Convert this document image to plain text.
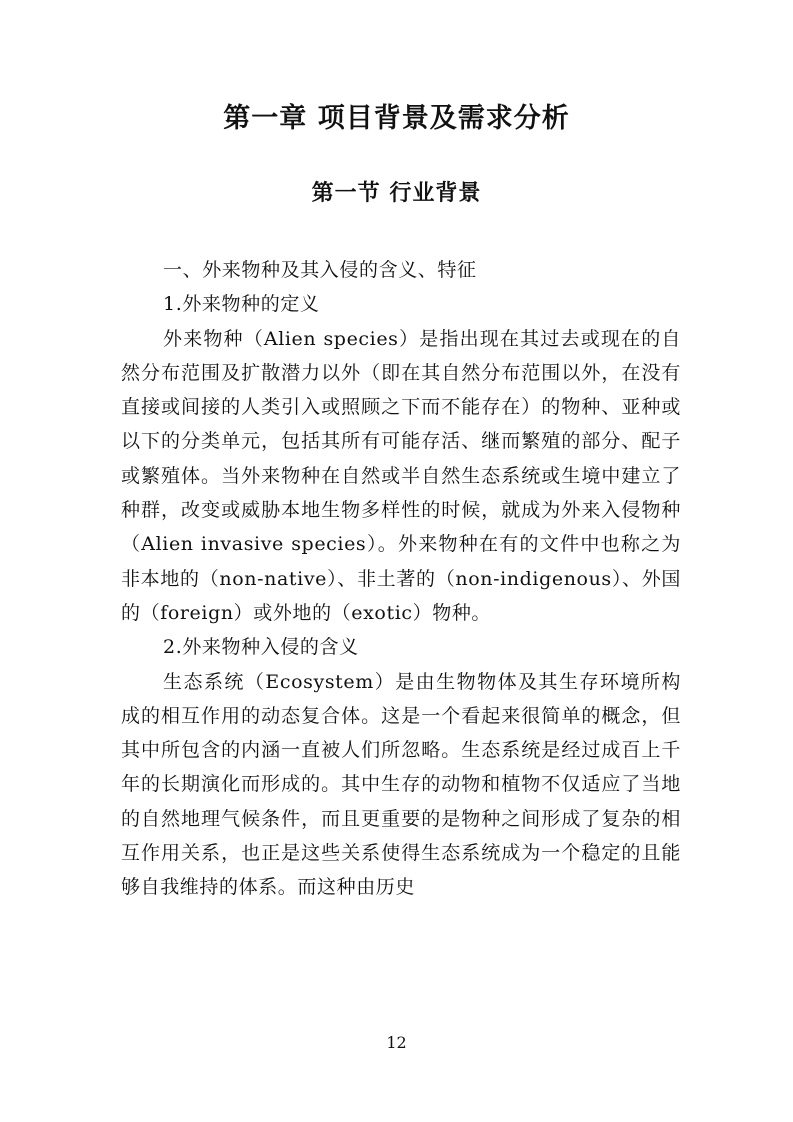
第一章 项目背景及需求分析
第一节 行业背景

一、外来物种及其入侵的含义、特征

1.外来物种的定义

外来物种（Alien species）是指出现在其过去或现在的自然分布范围及扩散潜力以外（即在其自然分布范围以外，在没有直接或间接的人类引入或照顾之下而不能存在）的物种、亚种或以下的分类单元，包括其所有可能存活、继而繁殖的部分、配子或繁殖体。当外来物种在自然或半自然生态系统或生境中建立了种群，改变或威胁本地生物多样性的时候，就成为外来入侵物种（Alien invasive species）。外来物种在有的文件中也称之为非本地的（non-native）、非土著的（non-indigenous）、外国的（foreign）或外地的（exotic）物种。

2.外来物种入侵的含义

生态系统（Ecosystem）是由生物物体及其生存环境所构成的相互作用的动态复合体。这是一个看起来很简单的概念，但其中所包含的内涵一直被人们所忽略。生态系统是经过成百上千年的长期演化而形成的。其中生存的动物和植物不仅适应了当地的自然地理气候条件，而且更重要的是物种之间形成了复杂的相互作用关系，也正是这些关系使得生态系统成为一个稳定的且能够自我维持的体系。而这种由历史

12
